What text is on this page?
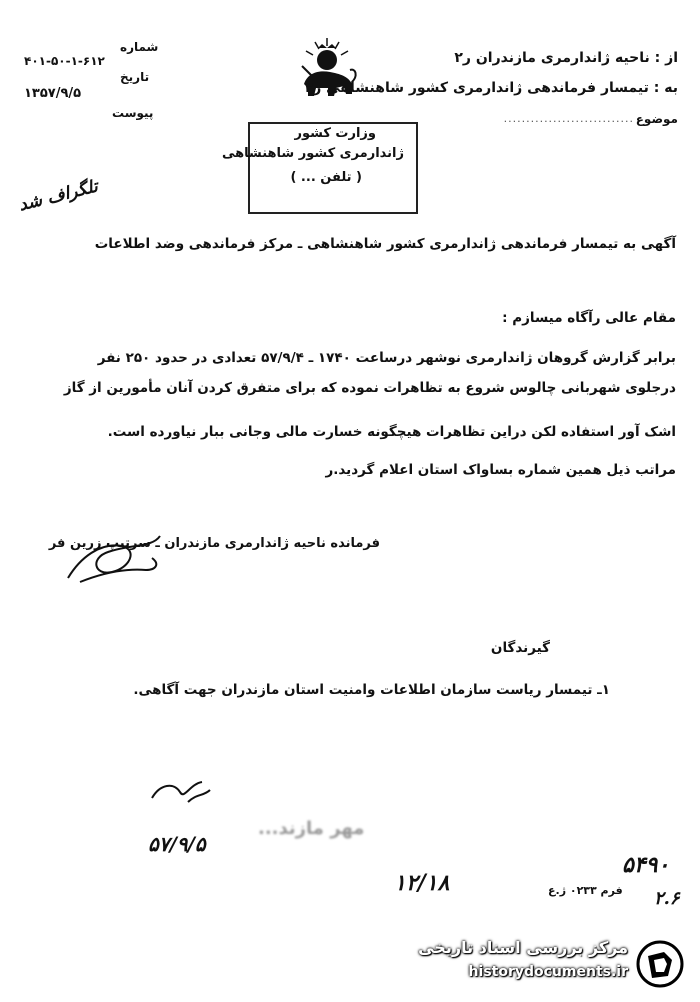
از : ناحیه ژاندارمری مازندران ر۲
به : تیمسار فرماندهی ژاندارمری کشور شاهنشاهی ر۲
موضوع
.............................
شماره
۴۰۱-۵۰-۱-۶۱۲
تاریخ
۱۳۵۷/۹/۵
پیوست
وزارت کشور
ژاندارمری کشور شاهنشاهی
( تلفن ... )
تلگراف شد
آگهی به تیمسار فرماندهی ژاندارمری کشور شاهنشاهی ـ مرکز فرماندهی وضد اطلاعات
مقام عالی رآگاه میسازم :
برابر گزارش گروهان ژاندارمری نوشهر درساعت ۱۷۴۰ ـ ۵۷/۹/۴ تعدادی در حدود ۲۵۰ نفر
درجلوی شهربانی چالوس شروع به تظاهرات نموده که برای متفرق کردن آنان مأمورین از گاز
اشک آور استفاده لکن دراین تظاهرات هیچگونه خسارت مالی وجانی ببار نیاورده است.
مراتب ذیل همین شماره بساواک استان اعلام گردید.ر
فرمانده ناحیه ژاندارمری مازندران ـ سرتیپ زرین فر
گیرندگان
۱ـ تیمسار ریاست سازمان اطلاعات وامنیت استان مازندران جهت آگاهی.
۵۷/۹/۵
مهر مازند...
۱۲/۱۸	فرم ۰۲۳۳ ژ.ع
۵۴۹۰
۲.۶
مرکز بررسی اسناد تاریخی
historydocuments.ir
